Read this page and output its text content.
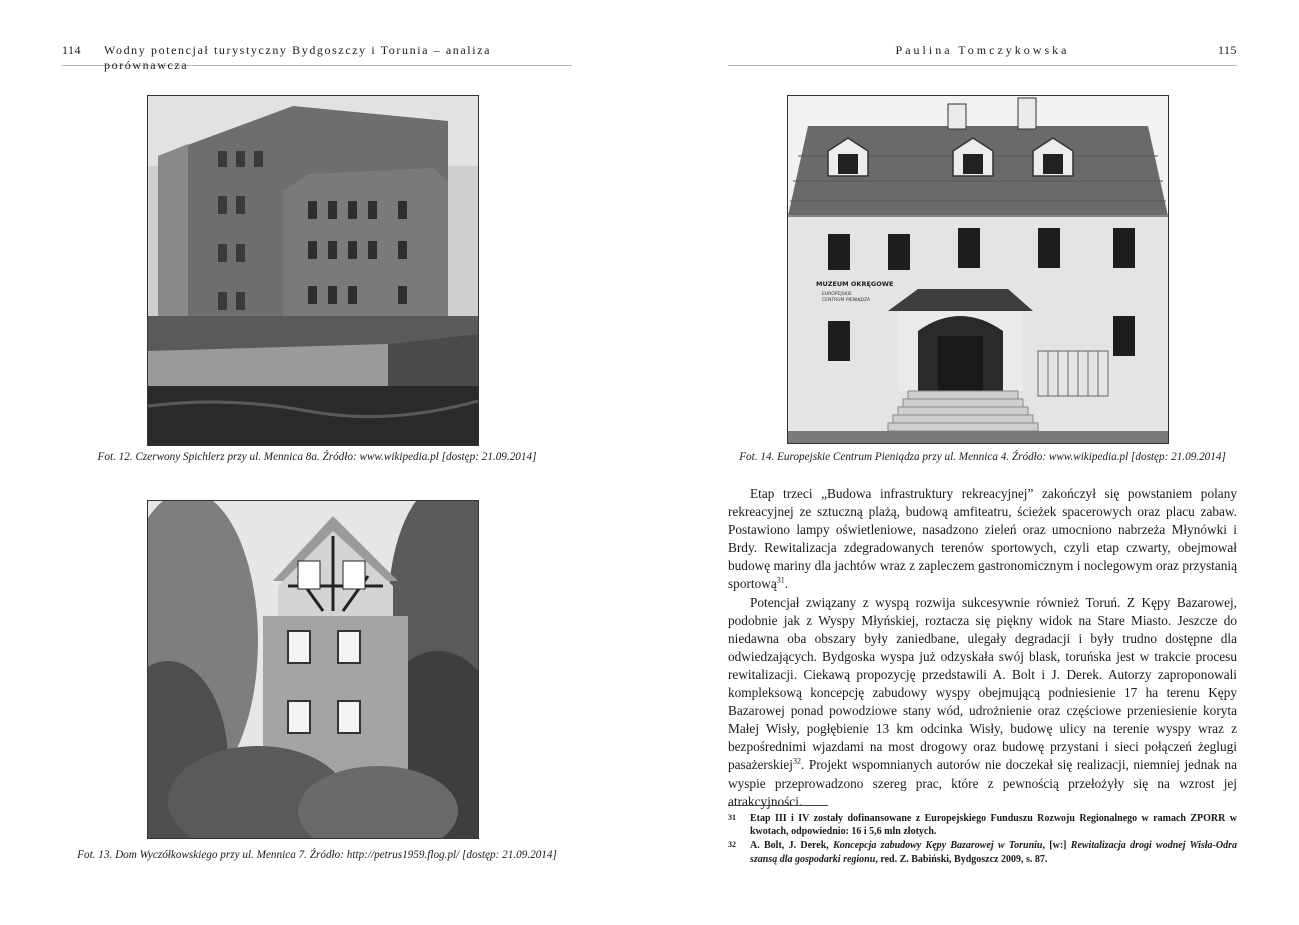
114 Wodny potencjał turystyczny Bydgoszczy i Torunia – analiza porównawcza
Fot. 12. Czerwony Spichlerz przy ul. Mennica 8a. Źródło: www.wikipedia.pl [dostęp: 21.09.2014]
Fot. 13. Dom Wyczółkowskiego przy ul. Mennica 7. Źródło: http://petrus1959.flog.pl/ [dostęp: 21.09.2014]
Paulina Tomczykowska	115
MUZEUM OKRĘGOWE
EUROPEJSKIE
CENTRUM PIENIĄDZA
Fot. 14. Europejskie Centrum Pieniądza przy ul. Mennica 4. Źródło: www.wikipedia.pl [dostęp: 21.09.2014]

Etap trzeci „Budowa infrastruktury rekreacyjnej” zakończył się powstaniem polany rekreacyjnej ze sztuczną plażą, budową amfiteatru, ścieżek spacerowych oraz placu zabaw. Postawiono lampy oświetleniowe, nasadzono zieleń oraz umocniono nabrzeża Młynówki i Brdy. Rewitalizacja zdegradowanych terenów sportowych, czyli etap czwarty, obejmował budowę mariny dla jachtów wraz z zapleczem gastronomicznym i noclegowym oraz przystanią sportową$^{31}$.

Potencjał związany z wyspą rozwija sukcesywnie również Toruń. Z Kępy Bazarowej, podobnie jak z Wyspy Młyńskiej, roztacza się piękny widok na Stare Miasto. Jeszcze do niedawna oba obszary były zaniedbane, ulegały degradacji i były trudno dostępne dla odwiedzających. Bydgoska wyspa już odzyskała swój blask, toruńska jest w trakcie procesu rewitalizacji. Ciekawą propozycję przedstawili A. Bolt i J. Derek. Autorzy zaproponowali kompleksową koncepcję zabudowy wyspy obejmującą podniesienie 17 ha terenu Kępy Bazarowej ponad powodziowe stany wód, udrożnienie oraz częściowe przeniesienie koryta Małej Wisły, pogłębienie 13 km odcinka Wisły, budowę ulicy na terenie wyspy wraz z bezpośrednimi wjazdami na most drogowy oraz budowę przystani i sieci połączeń żeglugi pasażerskiej$^{32}$. Projekt wspomnianych autorów nie doczekał się realizacji, niemniej jednak na wyspie przeprowadzono szereg prac, które z pewnością przełożyły się na wzrost jej atrakcyjności.

31 Etap III i IV zostały dofinansowane z Europejskiego Funduszu Rozwoju Regionalnego w ramach ZPORR w kwotach, odpowiednio: 16 i 5,6 mln złotych.
32 A. Bolt, J. Derek, Koncepcja zabudowy Kępy Bazarowej w Toruniu, [w:] Rewitalizacja drogi wodnej Wisła-Odra szansą dla gospodarki regionu, red. Z. Babiński, Bydgoszcz 2009, s. 87.
